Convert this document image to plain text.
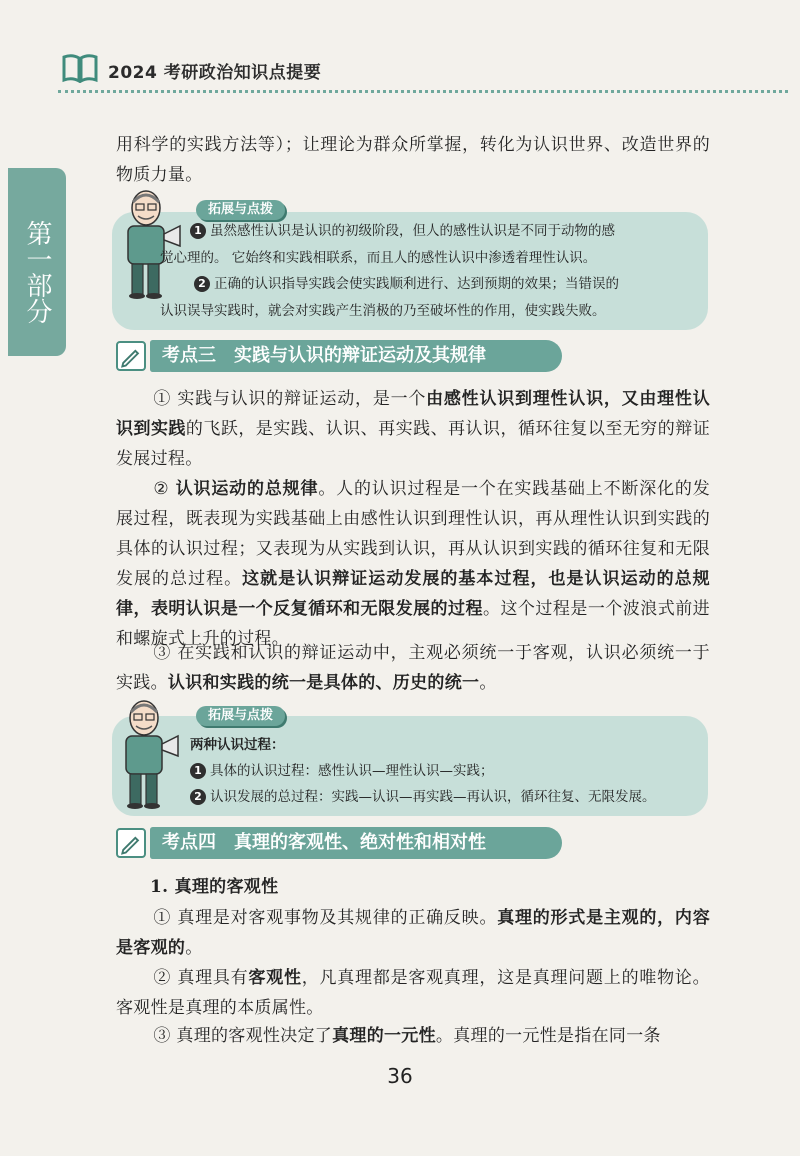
2024 考研政治知识点提要
第一部分
用科学的实践方法等）；让理论为群众所掌握，转化为认识世界、改造世界的物质力量。
拓展与点拨
1 虽然感性认识是认识的初级阶段，但人的感性认识是不同于动物的感
觉心理的。 它始终和实践相联系，而且人的感性认识中渗透着理性认识。
2 正确的认识指导实践会使实践顺利进行、达到预期的效果；当错误的
认识误导实践时，就会对实践产生消极的乃至破坏性的作用，使实践失败。
考点三　实践与认识的辩证运动及其规律
① 实践与认识的辩证运动，是一个由感性认识到理性认识，又由理性认识到实践的飞跃，是实践、认识、再实践、再认识，循环往复以至无穷的辩证发展过程。
② 认识运动的总规律。人的认识过程是一个在实践基础上不断深化的发展过程，既表现为实践基础上由感性认识到理性认识，再从理性认识到实践的具体的认识过程；又表现为从实践到认识，再从认识到实践的循环往复和无限发展的总过程。这就是认识辩证运动发展的基本过程，也是认识运动的总规律，表明认识是一个反复循环和无限发展的过程。这个过程是一个波浪式前进和螺旋式上升的过程。
③ 在实践和认识的辩证运动中，主观必须统一于客观，认识必须统一于实践。认识和实践的统一是具体的、历史的统一。
拓展与点拨
两种认识过程：
1 具体的认识过程：感性认识—理性认识—实践；
2 认识发展的总过程：实践—认识—再实践—再认识，循环往复、无限发展。
考点四　真理的客观性、绝对性和相对性
1. 真理的客观性
① 真理是对客观事物及其规律的正确反映。真理的形式是主观的，内容是客观的。
② 真理具有客观性，凡真理都是客观真理，这是真理问题上的唯物论。客观性是真理的本质属性。
③ 真理的客观性决定了真理的一元性。真理的一元性是指在同一条
36
